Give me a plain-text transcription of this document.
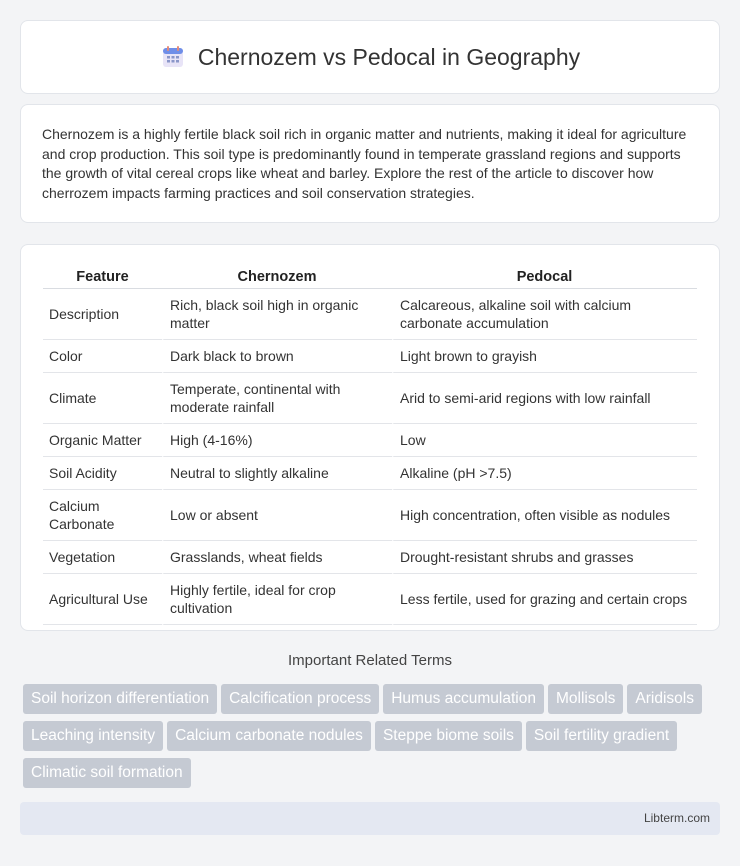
Chernozem vs Pedocal in Geography

Chernozem is a highly fertile black soil rich in organic matter and nutrients, making it ideal for agriculture and crop production. This soil type is predominantly found in temperate grassland regions and supports the growth of vital cereal crops like wheat and barley. Explore the rest of the article to discover how cherrozem impacts farming practices and soil conservation strategies.

Feature	Chernozem	Pedocal
Description	Rich, black soil high in organic matter	Calcareous, alkaline soil with calcium carbonate accumulation
Color	Dark black to brown	Light brown to grayish
Climate	Temperate, continental with moderate rainfall	Arid to semi-arid regions with low rainfall
Organic Matter	High (4-16%)	Low
Soil Acidity	Neutral to slightly alkaline	Alkaline (pH >7.5)
Calcium Carbonate	Low or absent	High concentration, often visible as nodules
Vegetation	Grasslands, wheat fields	Drought-resistant shrubs and grasses
Agricultural Use	Highly fertile, ideal for crop cultivation	Less fertile, used for grazing and certain crops
Important Related Terms
Soil horizon differentiation Calcification process Humus accumulation Mollisols AridisolsLeaching intensity Calcium carbonate nodules Steppe biome soils Soil fertility gradientClimatic soil formation
Libterm.com
